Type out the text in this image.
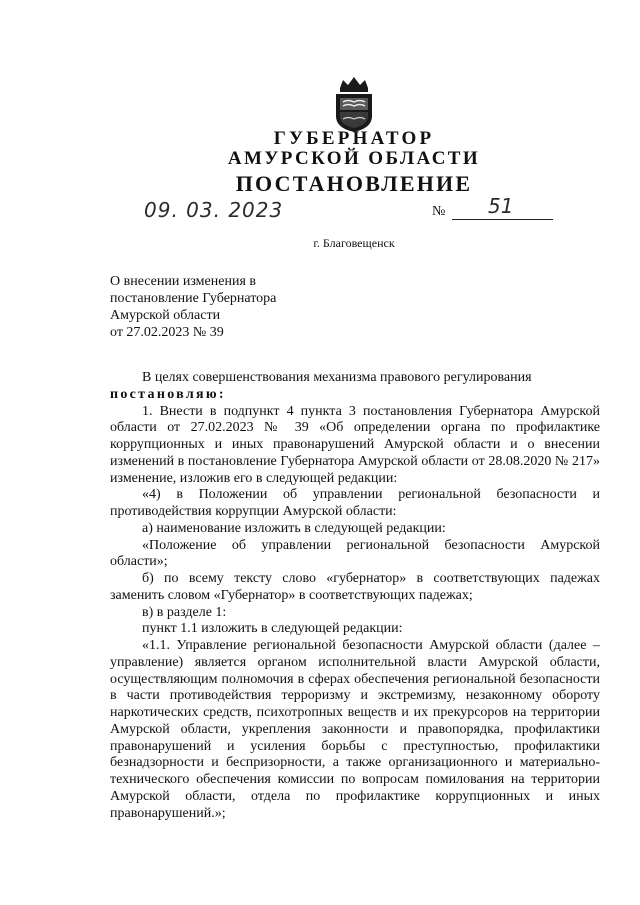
ГУБЕРНАТОР
АМУРСКОЙ ОБЛАСТИ
ПОСТАНОВЛЕНИЕ
09. 03. 2023	№ 51
г. Благовещенск
О внесении изменения в
постановление Губернатора
Амурской области
от 27.02.2023 № 39

В целях совершенствования механизма правового регулирования

постановляю:

1. Внести в подпункт 4 пункта 3 постановления Губернатора Амурской области от 27.02.2023 № 39 «Об определении органа по профилактике коррупционных и иных правонарушений Амурской области и о внесении изменений в постановление Губернатора Амурской области от 28.08.2020 № 217» изменение, изложив его в следующей редакции:

«4) в Положении об управлении региональной безопасности и противодействия коррупции Амурской области:

а) наименование изложить в следующей редакции:

«Положение об управлении региональной безопасности Амурской области»;

б) по всему тексту слово «губернатор» в соответствующих падежах заменить словом «Губернатор» в соответствующих падежах;

в) в разделе 1:

пункт 1.1 изложить в следующей редакции:

«1.1. Управление региональной безопасности Амурской области (далее – управление) является органом исполнительной власти Амурской области, осуществляющим полномочия в сферах обеспечения региональной безопасности в части противодействия терроризму и экстремизму, незаконному обороту наркотических средств, психотропных веществ и их прекурсоров на территории Амурской области, укрепления законности и правопорядка, профилактики правонарушений и усиления борьбы с преступностью, профилактики безнадзорности и беспризорности, а также организационного и материально-технического обеспечения комиссии по вопросам помилования на территории Амурской области, отдела по профилактике коррупционных и иных правонарушений.»;
